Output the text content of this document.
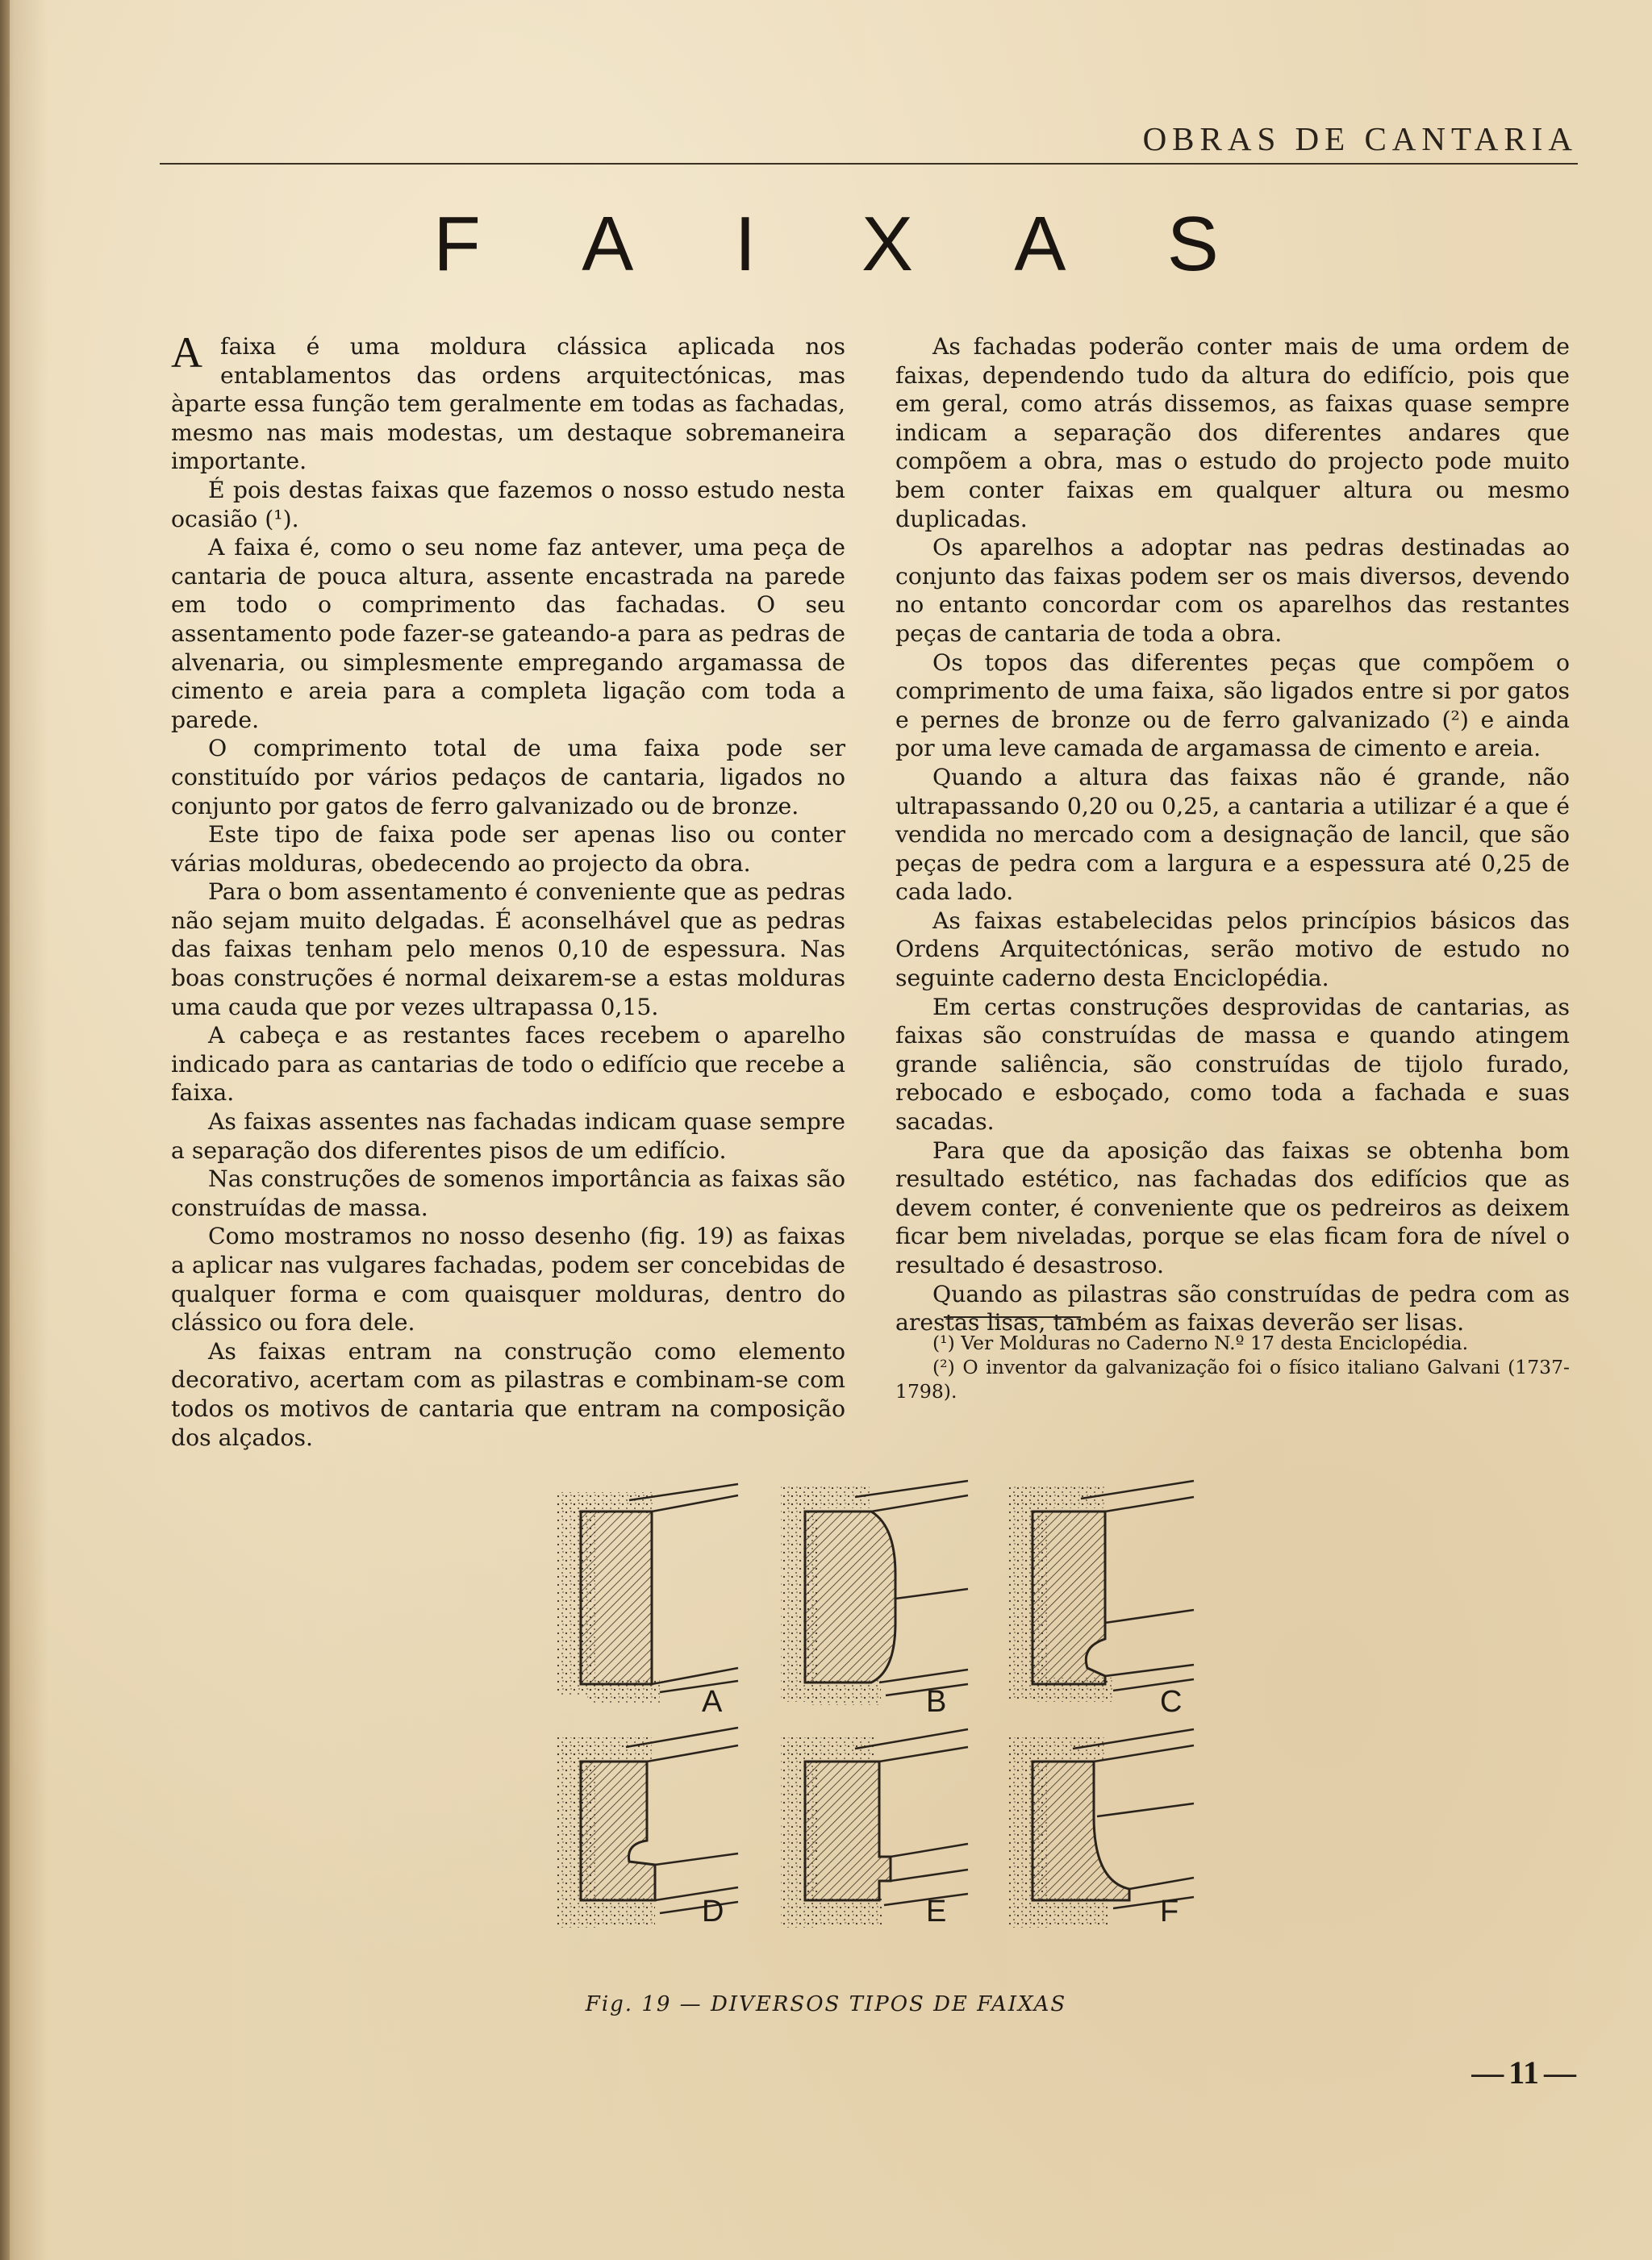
OBRAS DE CANTARIA
F A I X A S

Afaixa é uma moldura clássica aplicada nos entablamentos das ordens arquitectónicas, mas àparte essa função tem geralmente em todas as fachadas, mesmo nas mais modestas, um destaque sobremaneira importante.

É pois destas faixas que fazemos o nosso estudo nesta ocasião (¹).

A faixa é, como o seu nome faz antever, uma peça de cantaria de pouca altura, assente encastrada na parede em todo o comprimento das fachadas. O seu assentamento pode fazer-se gateando-a para as pedras de alvenaria, ou simplesmente empregando argamassa de cimento e areia para a completa ligação com toda a parede.

O comprimento total de uma faixa pode ser constituído por vários pedaços de cantaria, ligados no conjunto por gatos de ferro galvanizado ou de bronze.

Este tipo de faixa pode ser apenas liso ou conter várias molduras, obedecendo ao projecto da obra.

Para o bom assentamento é conveniente que as pedras não sejam muito delgadas. É aconselhável que as pedras das faixas tenham pelo menos 0,10 de espessura. Nas boas construções é normal deixarem-se a estas molduras uma cauda que por vezes ultrapassa 0,15.

A cabeça e as restantes faces recebem o aparelho indicado para as cantarias de todo o edifício que recebe a faixa.

As faixas assentes nas fachadas indicam quase sempre a separação dos diferentes pisos de um edifício.

Nas construções de somenos importância as faixas são construídas de massa.

Como mostramos no nosso desenho (fig. 19) as faixas a aplicar nas vulgares fachadas, podem ser concebidas de qualquer forma e com quaisquer molduras, dentro do clássico ou fora dele.

As faixas entram na construção como elemento decorativo, acertam com as pilastras e combinam-se com todos os motivos de cantaria que entram na composição dos alçados.

As fachadas poderão conter mais de uma ordem de faixas, dependendo tudo da altura do edifício, pois que em geral, como atrás dissemos, as faixas quase sempre indicam a separação dos diferentes andares que compõem a obra, mas o estudo do projecto pode muito bem conter faixas em qualquer altura ou mesmo duplicadas.

Os aparelhos a adoptar nas pedras destinadas ao conjunto das faixas podem ser os mais diversos, devendo no entanto concordar com os aparelhos das restantes peças de cantaria de toda a obra.

Os topos das diferentes peças que compõem o comprimento de uma faixa, são ligados entre si por gatos e pernes de bronze ou de ferro galvanizado (²) e ainda por uma leve camada de argamassa de cimento e areia.

Quando a altura das faixas não é grande, não ultrapassando 0,20 ou 0,25, a cantaria a utilizar é a que é vendida no mercado com a designação de lancil, que são peças de pedra com a largura e a espessura até 0,25 de cada lado.

As faixas estabelecidas pelos princípios básicos das Ordens Arquitectónicas, serão motivo de estudo no seguinte caderno desta Enciclopédia.

Em certas construções desprovidas de cantarias, as faixas são construídas de massa e quando atingem grande saliência, são construídas de tijolo furado, rebocado e esboçado, como toda a fachada e suas sacadas.

Para que da aposição das faixas se obtenha bom resultado estético, nas fachadas dos edifícios que as devem conter, é conveniente que os pedreiros as deixem ficar bem niveladas, porque se elas ficam fora de nível o resultado é desastroso.

Quando as pilastras são construídas de pedra com as arestas lisas, também as faixas deverão ser lisas.

(¹) Ver Molduras no Caderno N.º 17 desta Enciclopédia.

(²) O inventor da galvanização foi o físico italiano Galvani (1737-1798).

A	B	C
D	E	F
Fig. 19 — DIVERSOS TIPOS DE FAIXAS
— 11 —
